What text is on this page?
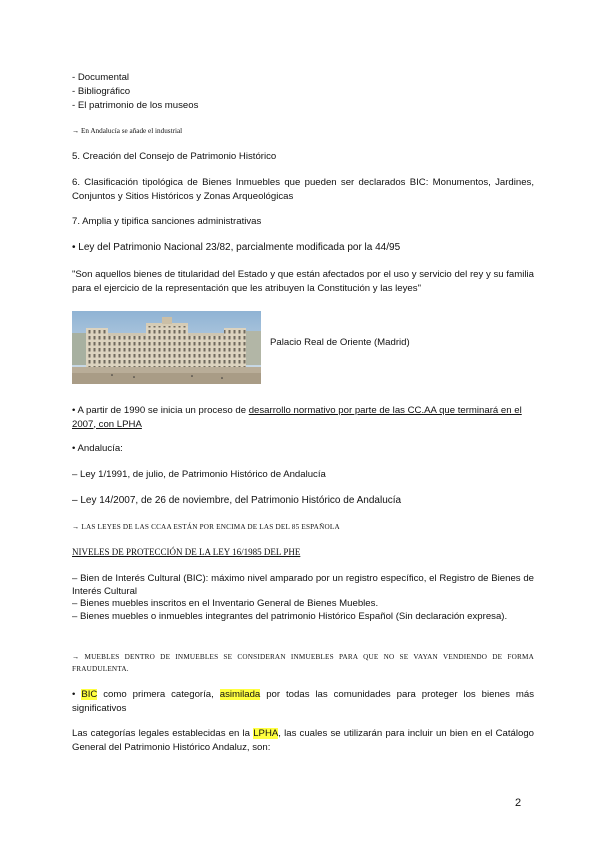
- Documental
- Bibliográfico
- El patrimonio de los museos
→ En Andalucía se añade el industrial
5. Creación del Consejo de Patrimonio Histórico
6. Clasificación tipológica de Bienes Inmuebles que pueden ser declarados BIC: Monumentos, Jardines, Conjuntos y Sitios Históricos y Zonas Arqueológicas
7. Amplia y tipifica sanciones administrativas
• Ley del Patrimonio Nacional 23/82, parcialmente modificada por la 44/95
"Son aquellos bienes de titularidad del Estado y que están afectados por el uso y servicio del rey y su familia para el ejercicio de la representación que les atribuyen la Constitución y las leyes"
Palacio Real de Oriente (Madrid)
• A partir de 1990 se inicia un proceso de desarrollo normativo por parte de las CC.AA que terminará en el 2007, con LPHA
• Andalucía:
– Ley 1/1991, de julio, de Patrimonio Histórico de Andalucía
– Ley 14/2007, de 26 de noviembre, del Patrimonio Histórico de Andalucía
→ LAS LEYES DE LAS CCAA ESTÁN POR ENCIMA DE LAS DEL 85 ESPAÑOLA
NIVELES DE PROTECCIÓN DE LA LEY 16/1985 DEL PHE
– Bien de Interés Cultural (BIC): máximo nivel amparado por un registro específico, el Registro de Bienes de Interés Cultural
– Bienes muebles inscritos en el Inventario General de Bienes Muebles.
– Bienes muebles o inmuebles integrantes del patrimonio Histórico Español (Sin declaración expresa).
→ MUEBLES DENTRO DE INMUEBLES SE CONSIDERAN INMUEBLES PARA QUE NO SE VAYAN VENDIENDO DE FORMA FRAUDULENTA.
• BIC como primera categoría, asimilada por todas las comunidades para proteger los bienes más significativos
Las categorías legales establecidas en la LPHA, las cuales se utilizarán para incluir un bien en el Catálogo General del Patrimonio Histórico Andaluz, son:
2
